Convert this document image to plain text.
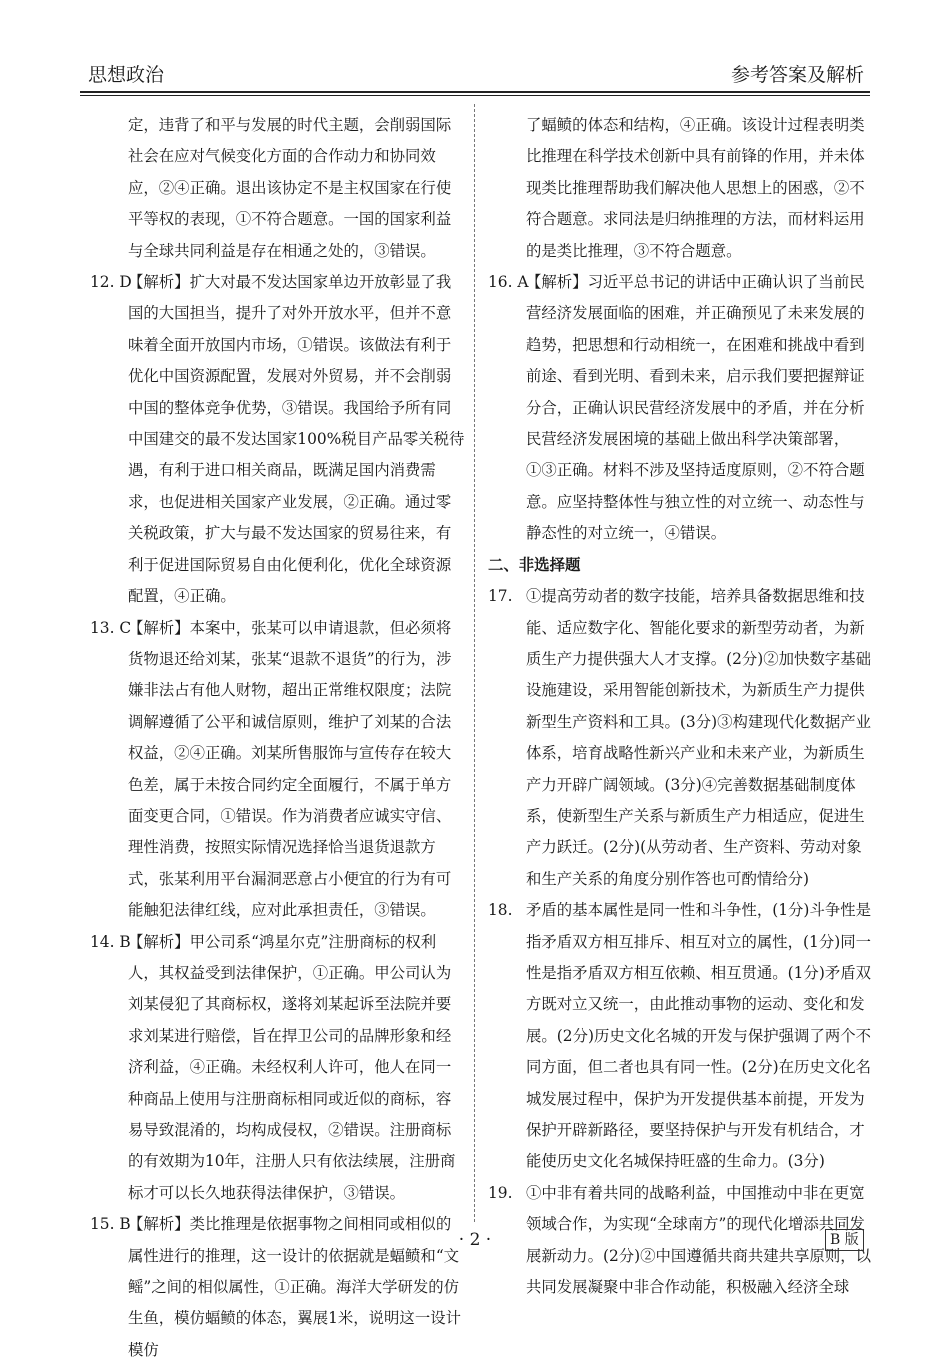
思想政治	参考答案及解析
定，违背了和平与发展的时代主题，会削弱国际社会在应对气候变化方面的合作动力和协同效应，②④正确。退出该协定不是主权国家在行使平等权的表现，①不符合题意。一国的国家利益与全球共同利益是存在相通之处的，③错误。
12. D
【解析】扩大对最不发达国家单边开放彰显了我国的大国担当，提升了对外开放水平，但并不意味着全面开放国内市场，①错误。该做法有利于优化中国资源配置，发展对外贸易，并不会削弱中国的整体竞争优势，③错误。我国给予所有同中国建交的最不发达国家100%税目产品零关税待遇，有利于进口相关商品，既满足国内消费需求，也促进相关国家产业发展，②正确。通过零关税政策，扩大与最不发达国家的贸易往来，有利于促进国际贸易自由化便利化，优化全球资源配置，④正确。
13. C
【解析】本案中，张某可以申请退款，但必须将货物退还给刘某，张某“退款不退货”的行为，涉嫌非法占有他人财物，超出正常维权限度；法院调解遵循了公平和诚信原则，维护了刘某的合法权益，②④正确。刘某所售服饰与宣传存在较大色差，属于未按合同约定全面履行，不属于单方面变更合同，①错误。作为消费者应诚实守信、理性消费，按照实际情况选择恰当退货退款方式，张某利用平台漏洞恶意占小便宜的行为有可能触犯法律红线，应对此承担责任，③错误。
14. B
【解析】甲公司系“鸿星尔克”注册商标的权利人，其权益受到法律保护，①正确。甲公司认为刘某侵犯了其商标权，遂将刘某起诉至法院并要求刘某进行赔偿，旨在捍卫公司的品牌形象和经济利益，④正确。未经权利人许可，他人在同一种商品上使用与注册商标相同或近似的商标，容易导致混淆的，均构成侵权，②错误。注册商标的有效期为10年，注册人只有依法续展，注册商标才可以长久地获得法律保护，③错误。
15. B
【解析】类比推理是依据事物之间相同或相似的属性进行的推理，这一设计的依据就是蝠鲼和“文鳐”之间的相似属性，①正确。海洋大学研发的仿生鱼，模仿蝠鲼的体态，翼展1米，说明这一设计模仿
了蝠鲼的体态和结构，④正确。该设计过程表明类比推理在科学技术创新中具有前锋的作用，并未体现类比推理帮助我们解决他人思想上的困惑，②不符合题意。求同法是归纳推理的方法，而材料运用的是类比推理，③不符合题意。
16. A
【解析】习近平总书记的讲话中正确认识了当前民营经济发展面临的困难，并正确预见了未来发展的趋势，把思想和行动相统一，在困难和挑战中看到前途、看到光明、看到未来，启示我们要把握辩证分合，正确认识民营经济发展中的矛盾，并在分析民营经济发展困境的基础上做出科学决策部署，①③正确。材料不涉及坚持适度原则，②不符合题意。应坚持整体性与独立性的对立统一、动态性与静态性的对立统一，④错误。
二、非选择题
17. ①提高劳动者的数字技能，培养具备数据思维和技能、适应数字化、智能化要求的新型劳动者，为新质生产力提供强大人才支撑。(2分)②加快数字基础设施建设，采用智能创新技术，为新质生产力提供新型生产资料和工具。(3分)③构建现代化数据产业体系，培育战略性新兴产业和未来产业，为新质生产力开辟广阔领域。(3分)④完善数据基础制度体系，使新型生产关系与新质生产力相适应，促进生产力跃迁。(2分)(从劳动者、生产资料、劳动对象和生产关系的角度分别作答也可酌情给分)
18. 矛盾的基本属性是同一性和斗争性，(1分)斗争性是指矛盾双方相互排斥、相互对立的属性，(1分)同一性是指矛盾双方相互依赖、相互贯通。(1分)矛盾双方既对立又统一，由此推动事物的运动、变化和发展。(2分)历史文化名城的开发与保护强调了两个不同方面，但二者也具有同一性。(2分)在历史文化名城发展过程中，保护为开发提供基本前提，开发为保护开辟新路径，要坚持保护与开发有机结合，才能使历史文化名城保持旺盛的生命力。(3分)
19. ①中非有着共同的战略利益，中国推动中非在更宽领域合作，为实现“全球南方”的现代化增添共同发展新动力。(2分)②中国遵循共商共建共享原则，以共同发展凝聚中非合作动能，积极融入经济全球
· 2 ·	B 版
